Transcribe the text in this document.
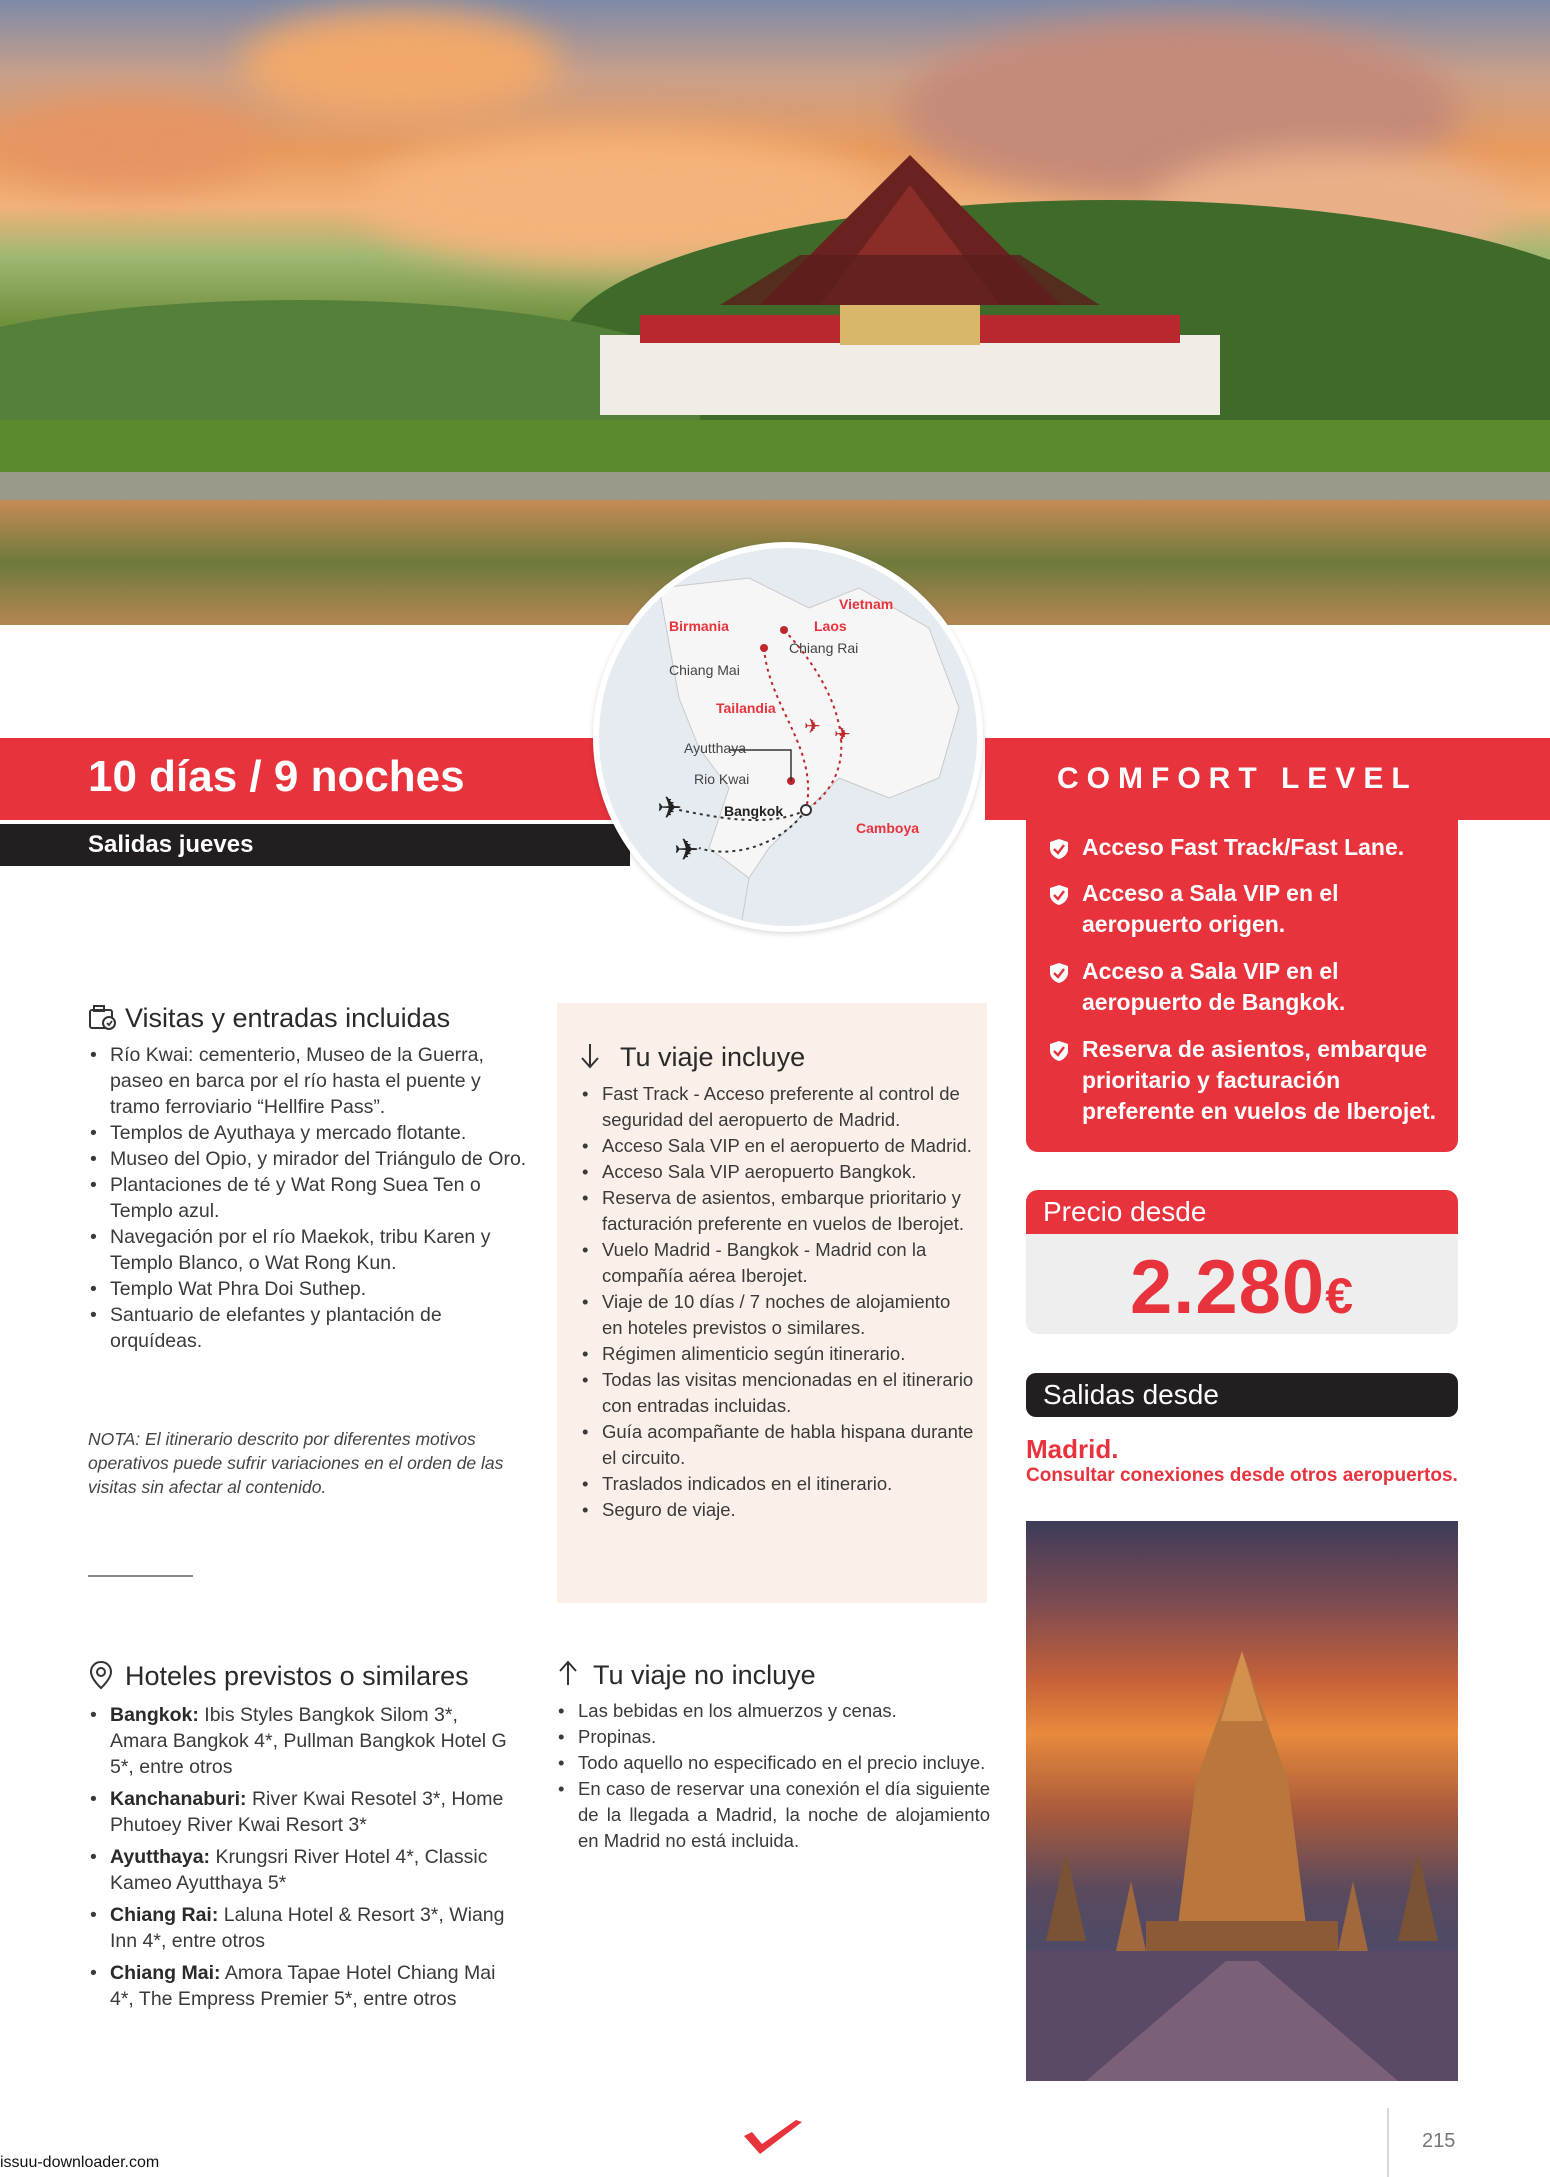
✈ ✈
✈
✈
Birmania	Laos
Vietnam
Tailandia
Camboya
Chiang Rai
Chiang Mai
Ayutthaya
Rio Kwai
Bangkok
10 días / 9 noches
Salidas jueves
COMFORT LEVEL
Acceso Fast Track/Fast Lane.
Acceso a Sala VIP en el aeropuerto origen.
Acceso a Sala VIP en el aeropuerto de Bangkok.
Reserva de asientos, embarque prioritario y facturación preferente en vuelos de Iberojet.
Precio desde
2.280€
Salidas desde
Madrid.
Consultar conexiones desde otros aeropuertos.
Visitas y entradas incluidas
• Río Kwai: cementerio, Museo de la Guerra, paseo en barca por el río hasta el puente y tramo ferroviario “Hellfire Pass”.
• Templos de Ayuthaya y mercado flotante.
• Museo del Opio, y mirador del Triángulo de Oro.
• Plantaciones de té y Wat Rong Suea Ten o Templo azul.
• Navegación por el río Maekok, tribu Karen y Templo Blanco, o Wat Rong Kun.
• Templo Wat Phra Doi Suthep.
• Santuario de elefantes y plantación de orquídeas.
NOTA: El itinerario descrito por diferentes motivos operativos puede sufrir variaciones en el orden de las visitas sin afectar al contenido.
Tu viaje incluye
• Fast Track - Acceso preferente al control de seguridad del aeropuerto de Madrid.
• Acceso Sala VIP en el aeropuerto de Madrid.
• Acceso Sala VIP aeropuerto Bangkok.
• Reserva de asientos, embarque prioritario y facturación preferente en vuelos de Iberojet.
• Vuelo Madrid - Bangkok - Madrid con la compañía aérea Iberojet.
• Viaje de 10 días / 7 noches de alojamiento en hoteles previstos o similares.
• Régimen alimenticio según itinerario.
• Todas las visitas mencionadas en el itinerario con entradas incluidas.
• Guía acompañante de habla hispana durante el circuito.
• Traslados indicados en el itinerario.
• Seguro de viaje.
Hoteles previstos o similares
• Bangkok: Ibis Styles Bangkok Silom 3*, Amara Bangkok 4*, Pullman Bangkok Hotel G 5*, entre otros
• Kanchanaburi: River Kwai Resotel 3*, Home Phutoey River Kwai Resort 3*
• Ayutthaya: Krungsri River Hotel 4*, Classic Kameo Ayutthaya 5*
• Chiang Rai: Laluna Hotel & Resort 3*, Wiang Inn 4*, entre otros
• Chiang Mai: Amora Tapae Hotel Chiang Mai 4*, The Empress Premier 5*, entre otros
Tu viaje no incluye
• Las bebidas en los almuerzos y cenas.
• Propinas.
• Todo aquello no especificado en el precio incluye.
• En caso de reservar una conexión el día siguiente de la llegada a Madrid, la noche de alojamiento en Madrid no está incluida.
215
issuu-downloader.com
